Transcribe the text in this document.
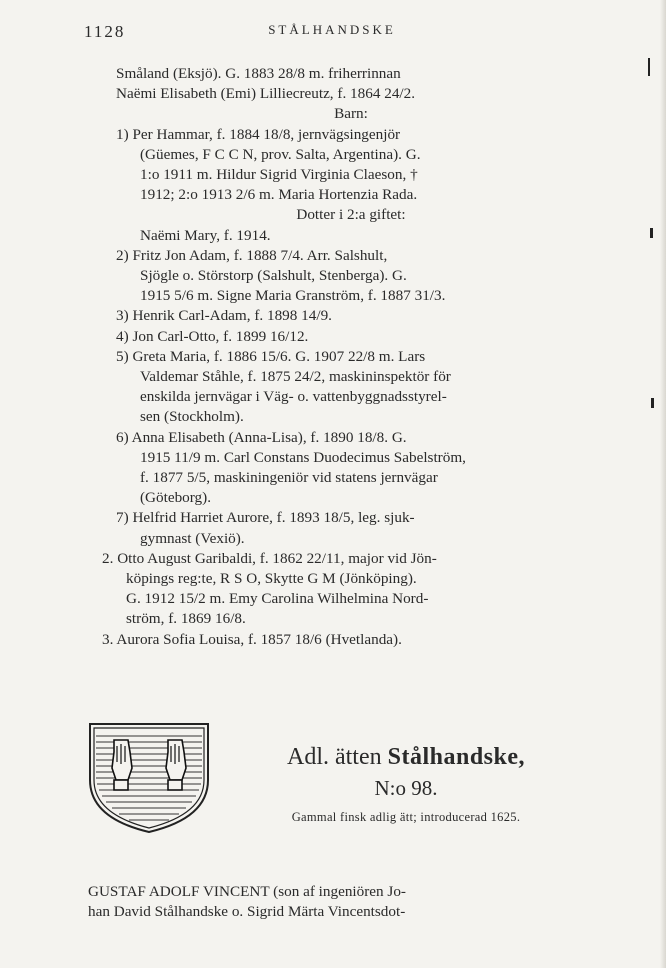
1128	STÅLHANDSKE

Småland (Eksjö). G. 1883 28/8 m. friherrinnan

Naëmi Elisabeth (Emi) Lilliecreutz, f. 1864 24/2.

Barn:

1) Per Hammar, f. 1884 18/8, jernvägsingenjör

(Güemes, F C C N, prov. Salta, Argentina). G.

1:o 1911 m. Hildur Sigrid Virginia Claeson, †

1912; 2:o 1913 2/6 m. Maria Hortenzia Rada.

Dotter i 2:a giftet:

Naëmi Mary, f. 1914.

2) Fritz Jon Adam, f. 1888 7/4. Arr. Salshult,

Sjögle o. Störstorp (Salshult, Stenberga). G.

1915 5/6 m. Signe Maria Granström, f. 1887 31/3.

3) Henrik Carl-Adam, f. 1898 14/9.

4) Jon Carl-Otto, f. 1899 16/12.

5) Greta Maria, f. 1886 15/6. G. 1907 22/8 m. Lars

Valdemar Ståhle, f. 1875 24/2, maskininspektör för

enskilda jernvägar i Väg- o. vattenbyggnadsstyrel-

sen (Stockholm).

6) Anna Elisabeth (Anna-Lisa), f. 1890 18/8. G.

1915 11/9 m. Carl Constans Duodecimus Sabelström,

f. 1877 5/5, maskiningeniör vid statens jernvägar

(Göteborg).

7) Helfrid Harriet Aurore, f. 1893 18/5, leg. sjuk-

gymnast (Vexiö).

2. Otto August Garibaldi, f. 1862 22/11, major vid Jön-

köpings reg:te, R S O, Skytte G M (Jönköping).

G. 1912 15/2 m. Emy Carolina Wilhelmina Nord-

ström, f. 1869 16/8.

3. Aurora Sofia Louisa, f. 1857 18/6 (Hvetlanda).

Adl. ätten Stålhandske,
N:o 98.
Gammal finsk adlig ätt; introducerad 1625.

GUSTAF ADOLF VINCENT (son af ingeniören Jo-

han David Stålhandske o. Sigrid Märta Vincentsdot-
